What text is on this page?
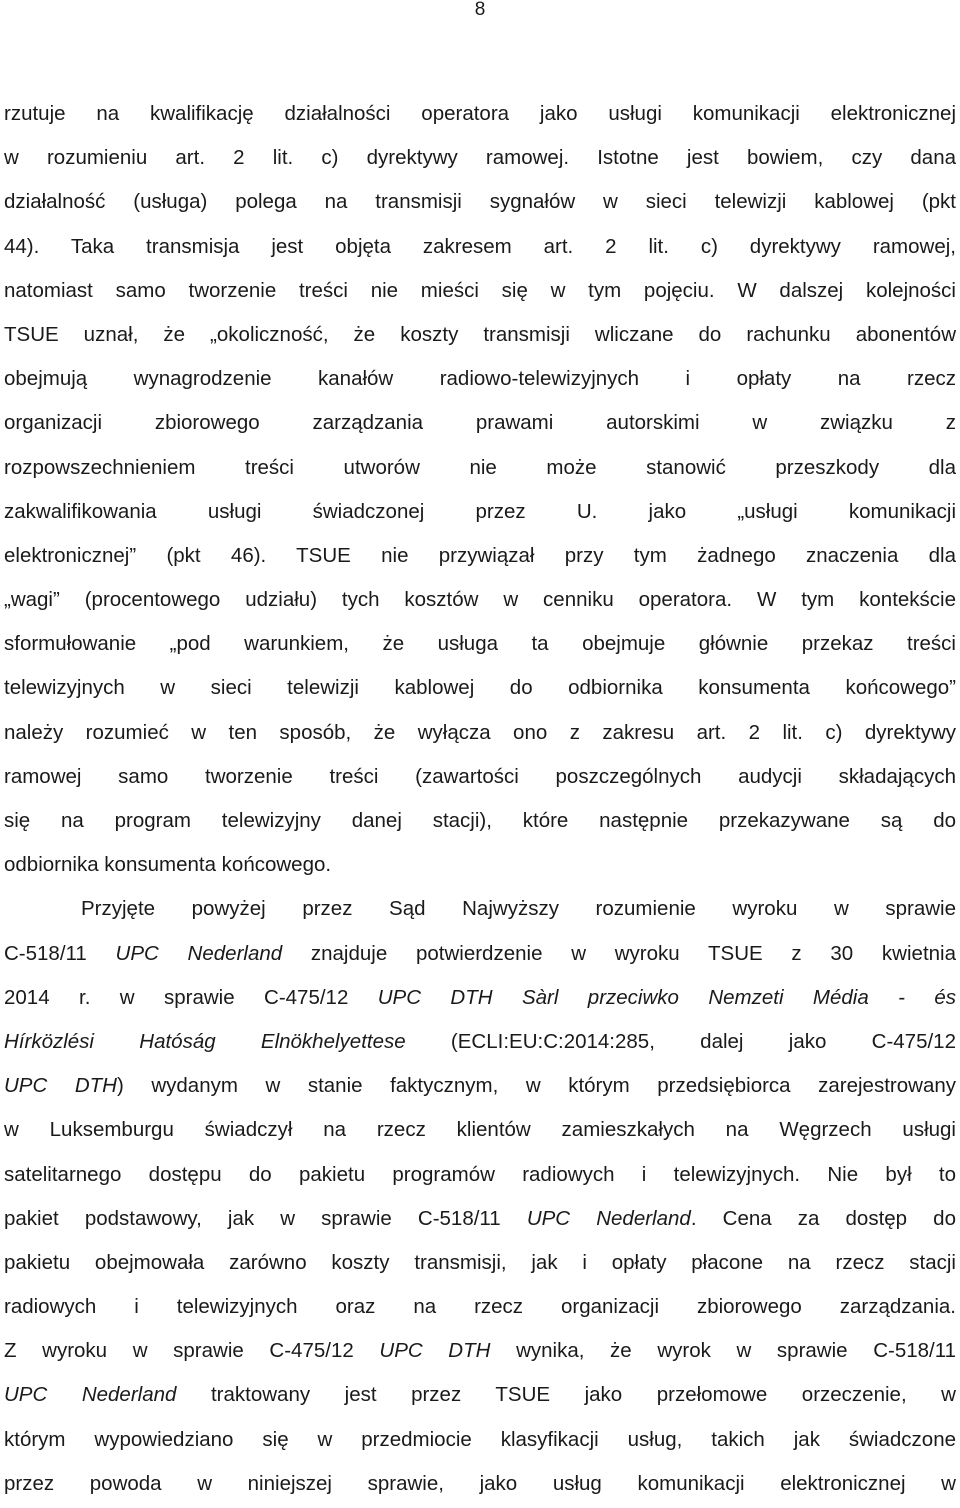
8
rzutuje na kwalifikację działalności operatora jako usługi komunikacji elektronicznej
w rozumieniu art. 2 lit. c) dyrektywy ramowej. Istotne jest bowiem, czy dana
działalność (usługa) polega na transmisji sygnałów w sieci telewizji kablowej (pkt
44). Taka transmisja jest objęta zakresem art. 2 lit. c) dyrektywy ramowej,
natomiast samo tworzenie treści nie mieści się w tym pojęciu. W dalszej kolejności
TSUE uznał, że „okoliczność, że koszty transmisji wliczane do rachunku abonentów
obejmują wynagrodzenie kanałów radiowo-telewizyjnych i opłaty na rzecz
organizacji zbiorowego zarządzania prawami autorskimi w związku z
rozpowszechnieniem treści utworów nie może stanowić przeszkody dla
zakwalifikowania usługi świadczonej przez U. jako „usługi komunikacji
elektronicznej” (pkt 46). TSUE nie przywiązał przy tym żadnego znaczenia dla
„wagi” (procentowego udziału) tych kosztów w cenniku operatora. W tym kontekście
sformułowanie „pod warunkiem, że usługa ta obejmuje głównie przekaz treści
telewizyjnych w sieci telewizji kablowej do odbiornika konsumenta końcowego”
należy rozumieć w ten sposób, że wyłącza ono z zakresu art. 2 lit. c) dyrektywy
ramowej samo tworzenie treści (zawartości poszczególnych audycji składających
się na program telewizyjny danej stacji), które następnie przekazywane są do
odbiornika konsumenta końcowego.
Przyjęte powyżej przez Sąd Najwyższy rozumienie wyroku w sprawie
C-518/11 UPC Nederland znajduje potwierdzenie w wyroku TSUE z 30 kwietnia
2014 r. w sprawie C-475/12 UPC DTH Sàrl przeciwko Nemzeti Média - és
Hírközlési Hatóság Elnökhelyettese (ECLI:EU:C:2014:285, dalej jako C-475/12
UPC DTH) wydanym w stanie faktycznym, w którym przedsiębiorca zarejestrowany
w Luksemburgu świadczył na rzecz klientów zamieszkałych na Węgrzech usługi
satelitarnego dostępu do pakietu programów radiowych i telewizyjnych. Nie był to
pakiet podstawowy, jak w sprawie C-518/11 UPC Nederland. Cena za dostęp do
pakietu obejmowała zarówno koszty transmisji, jak i opłaty płacone na rzecz stacji
radiowych i telewizyjnych oraz na rzecz organizacji zbiorowego zarządzania.
Z wyroku w sprawie C-475/12 UPC DTH wynika, że wyrok w sprawie C-518/11
UPC Nederland traktowany jest przez TSUE jako przełomowe orzeczenie, w
którym wypowiedziano się w przedmiocie klasyfikacji usług, takich jak świadczone
przez powoda w niniejszej sprawie, jako usług komunikacji elektronicznej w
